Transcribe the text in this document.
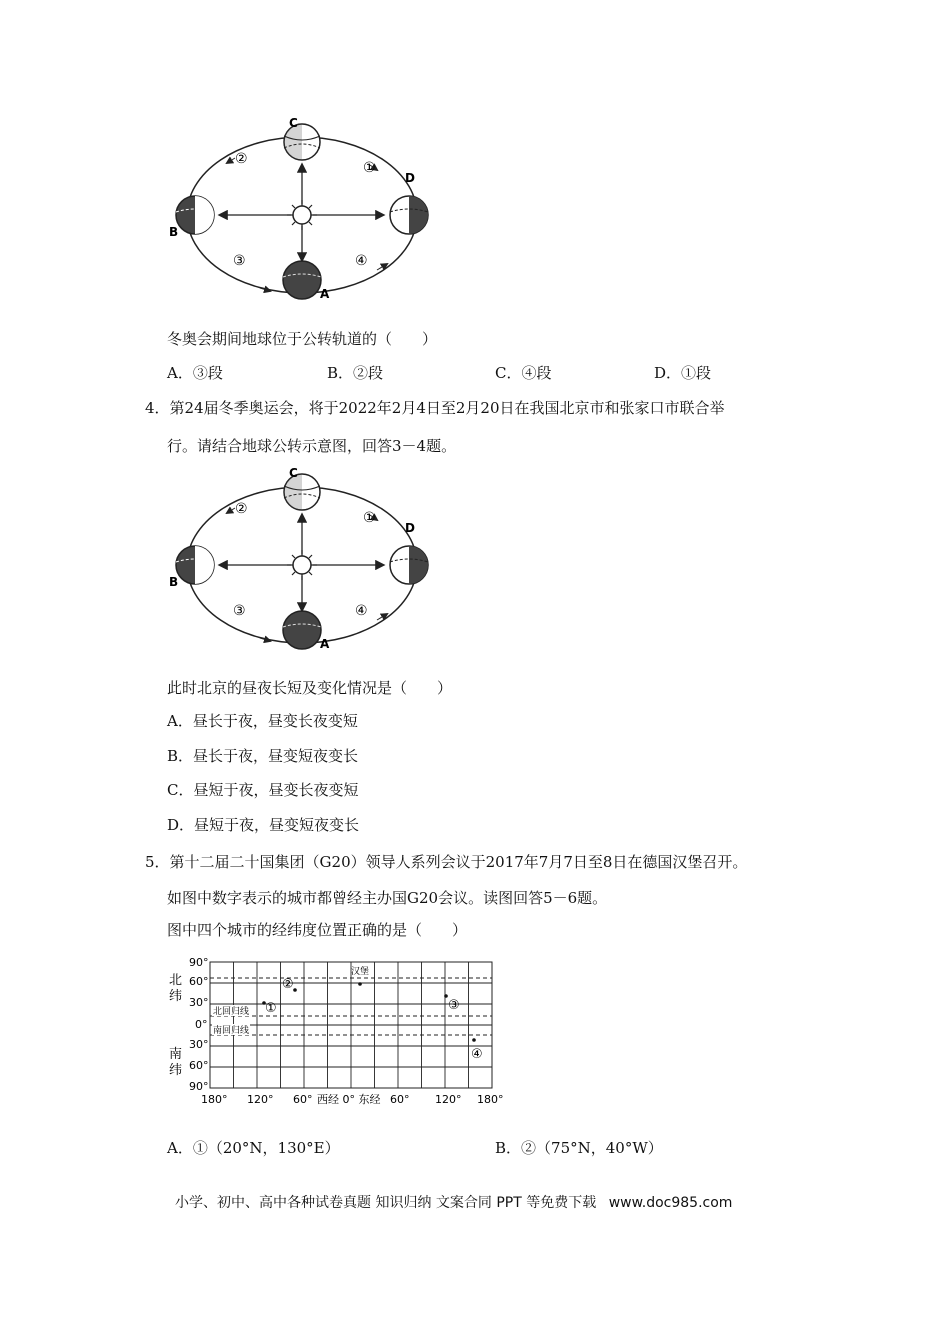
C
D
B
A
①
②
③	④
冬奥会期间地球位于公转轨道的（　　）
A．③段	B．②段	C．④段	D．①段
4．第24届冬季奥运会，将于2022年2月4日至2月20日在我国北京市和张家口市联合举
行。请结合地球公转示意图，回答3－4题。
C
D
B
A
①
②
③	④
此时北京的昼夜长短及变化情况是（　　）
A．昼长于夜，昼变长夜变短
B．昼长于夜，昼变短夜变长
C．昼短于夜，昼变长夜变短
D．昼短于夜，昼变短夜变长
5．第十二届二十国集团（G20）领导人系列会议于2017年7月7日至8日在德国汉堡召开。
如图中数字表示的城市都曾经主办国G20会议。读图回答5－6题。
图中四个城市的经纬度位置正确的是（　　）
北
纬
南
纬
90°
60°
30°
0°
30°
60°
90°
180° 120° 60° 西经 0° 东经 60° 120° 180°
北回归线
南回归线
汉堡
①
②
③
④
A．①（20°N，130°E）	B．②（75°N，40°W）
小学、初中、高中各种试卷真题 知识归纳 文案合同 PPT 等免费下载 www.doc985.com
